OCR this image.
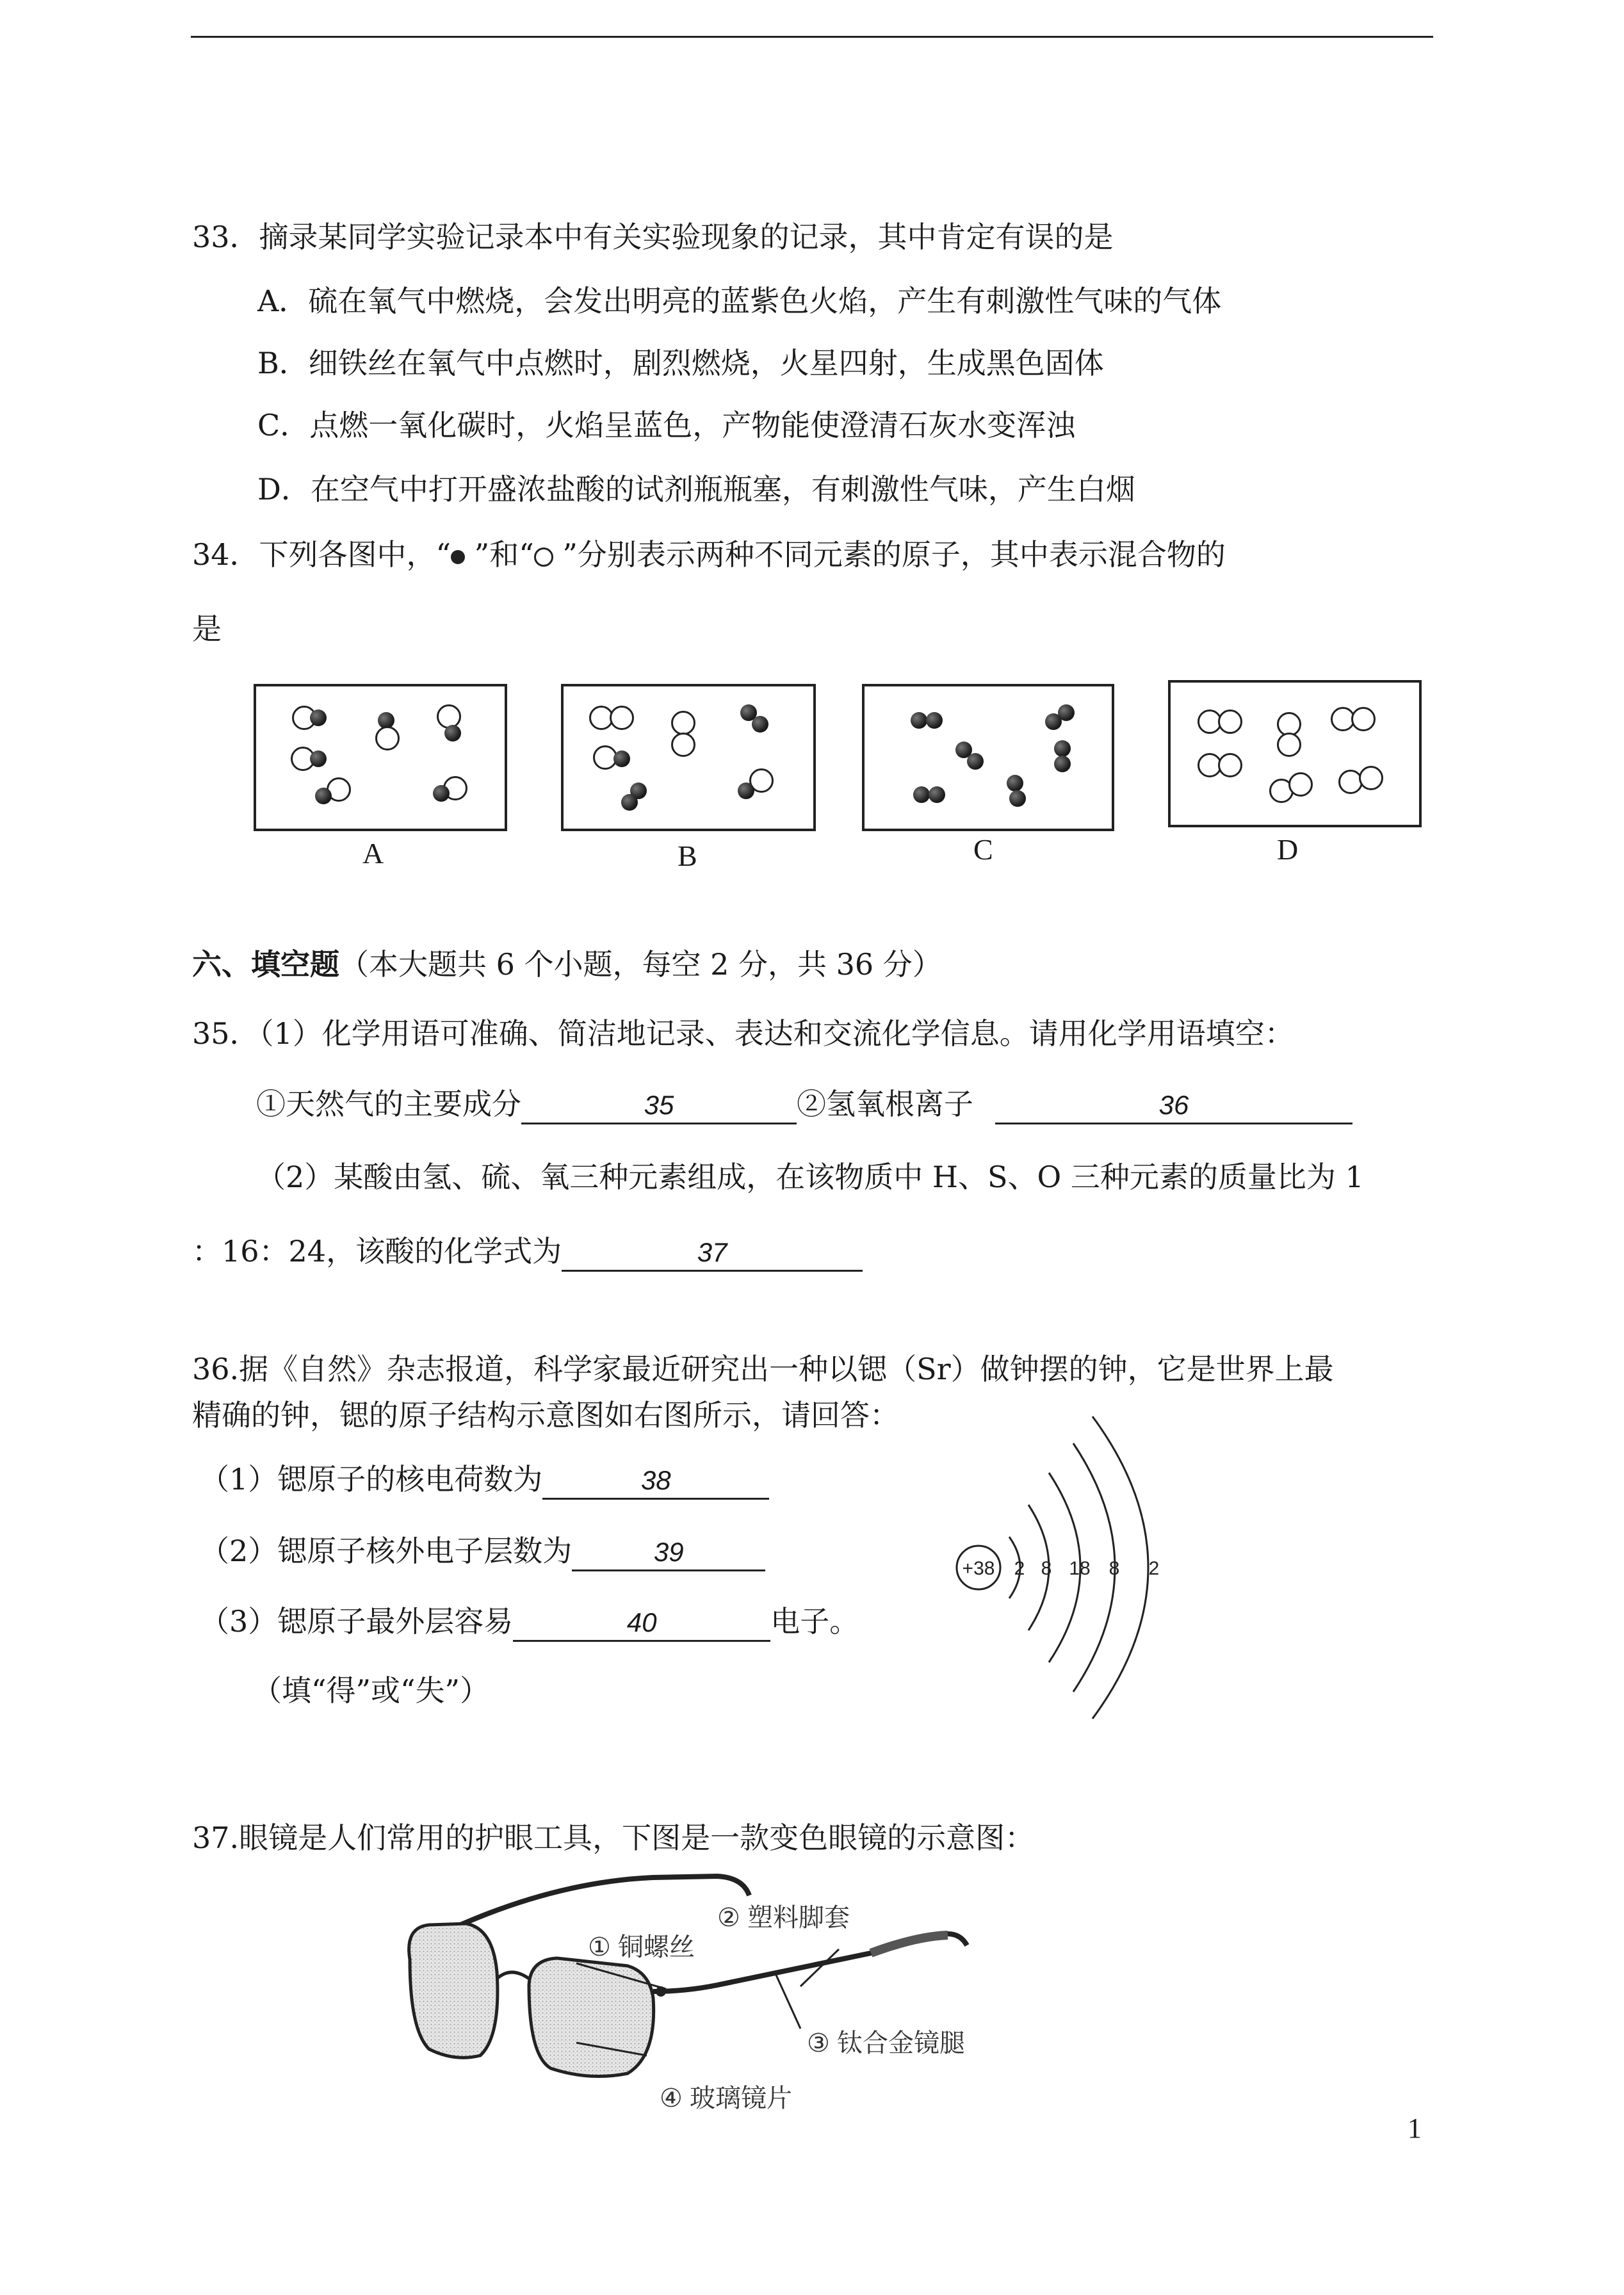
33．摘录某同学实验记录本中有关实验现象的记录，其中肯定有误的是
A．硫在氧气中燃烧，会发出明亮的蓝紫色火焰，产生有刺激性气味的气体
B．细铁丝在氧气中点燃时，剧烈燃烧，火星四射，生成黑色固体
C．点燃一氧化碳时，火焰呈蓝色，产物能使澄清石灰水变浑浊
D．在空气中打开盛浓盐酸的试剂瓶瓶塞，有刺激性气味，产生白烟
34．下列各图中，“ ”和“ ”分别表示两种不同元素的原子，其中表示混合物的
是
A	B	C	D
六、填空题（本大题共 6 个小题，每空 2 分，共 36 分）
35．（1）化学用语可准确、简洁地记录、表达和交流化学信息。请用化学用语填空：
①天然气的主要成分	35	②氢氧根离子	36
（2）某酸由氢、硫、氧三种元素组成，在该物质中 H、S、O 三种元素的质量比为 1
：16：24，该酸的化学式为	37
36.据《自然》杂志报道，科学家最近研究出一种以锶（Sr）做钟摆的钟，它是世界上最
精确的钟，锶的原子结构示意图如右图所示，请回答：
（1）锶原子的核电荷数为	38
（2）锶原子核外电子层数为	39
（3）锶原子最外层容易	40	电子。
（填“得”或“失”）
+38 2 8 18 8 2
37.眼镜是人们常用的护眼工具，下图是一款变色眼镜的示意图：
① 铜螺丝
② 塑料脚套
③ 钛合金镜腿
④ 玻璃镜片
1
